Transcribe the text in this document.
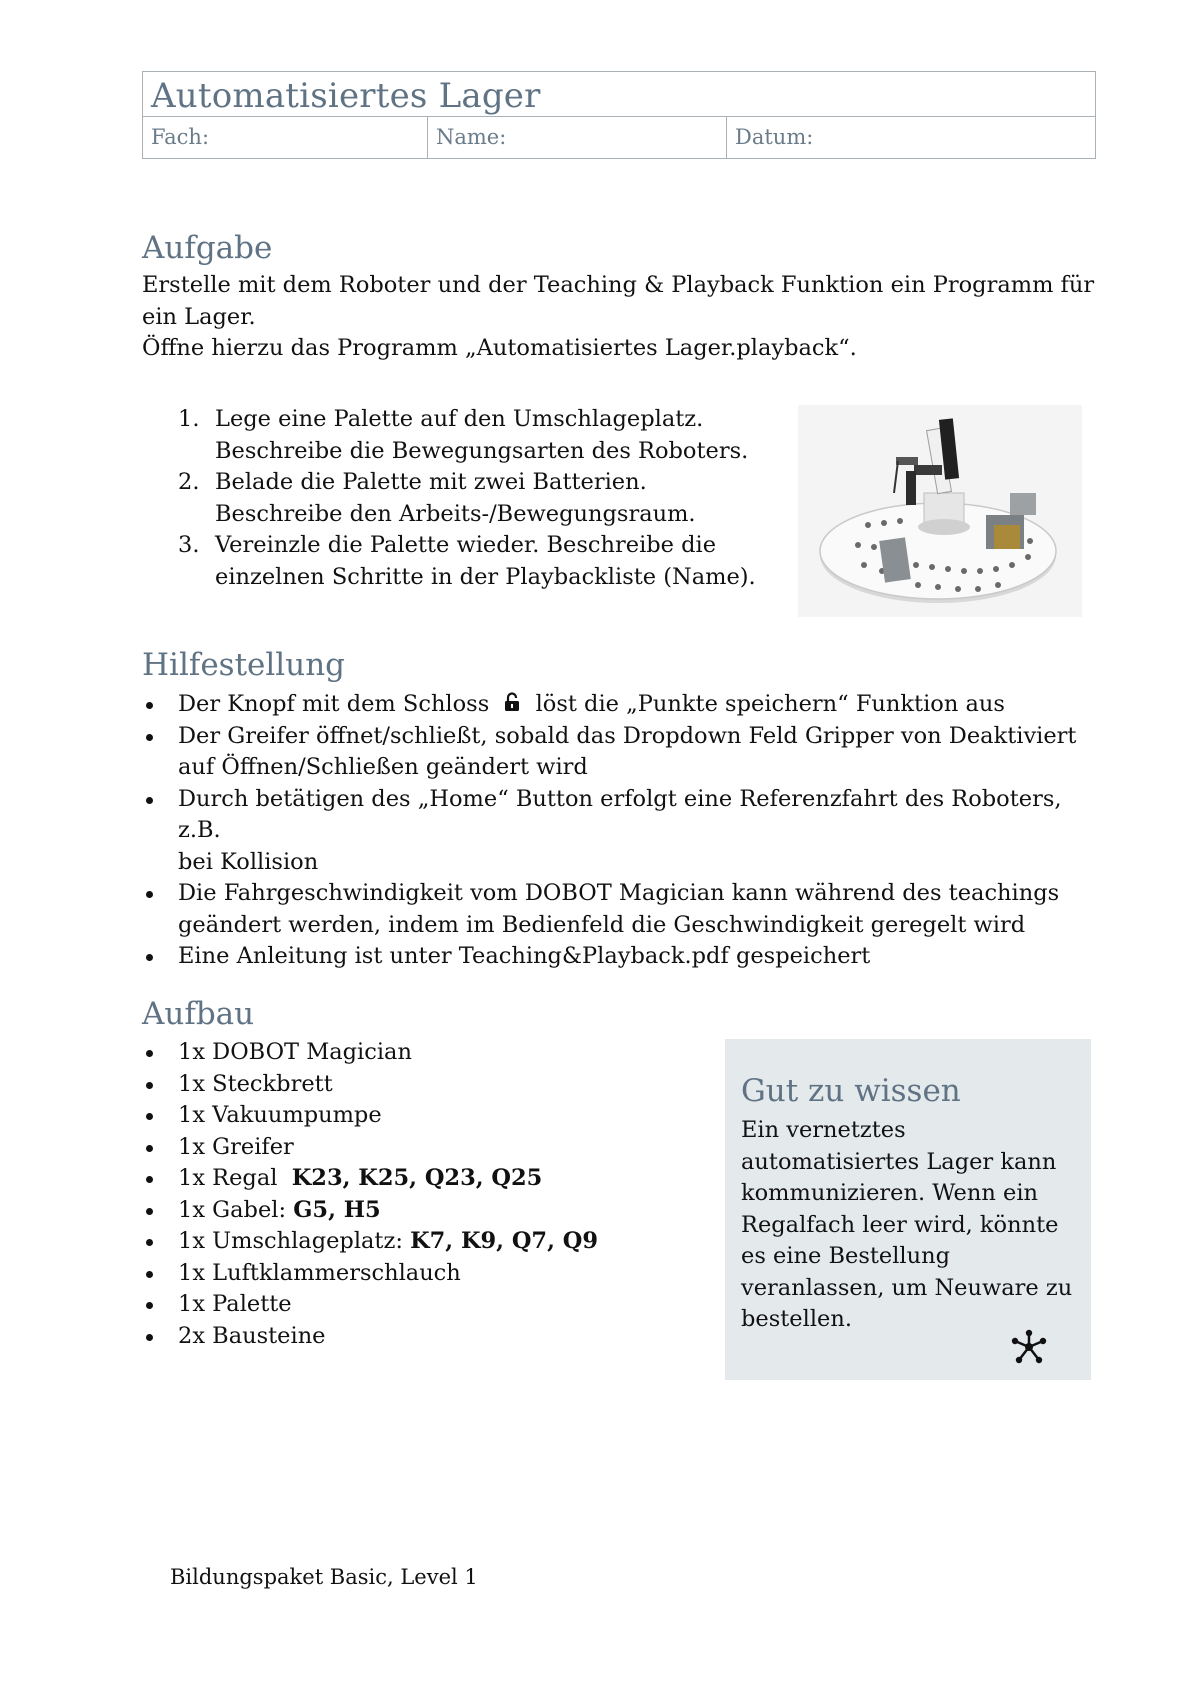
Automatisiertes Lager
Fach:	Name:	Datum:
Aufgabe
Erstelle mit dem Roboter und der Teaching & Playback Funktion ein Programm für
ein Lager.
Öffne hierzu das Programm „Automatisiertes Lager.playback“.
1. Lege eine Palette auf den Umschlageplatz.
Beschreibe die Bewegungsarten des Roboters.
2. Belade die Palette mit zwei Batterien.
Beschreibe den Arbeits-/Bewegungsraum.
3. Vereinzle die Palette wieder. Beschreibe die
einzelnen Schritte in der Playbackliste (Name).
Hilfestellung
Der Knopf mit dem Schloss löst die „Punkte speichern“ Funktion aus
Der Greifer öffnet/schließt, sobald das Dropdown Feld Gripper von Deaktiviert
auf Öffnen/Schließen geändert wird
Durch betätigen des „Home“ Button erfolgt eine Referenzfahrt des Roboters, z.B.
bei Kollision
Die Fahrgeschwindigkeit vom DOBOT Magician kann während des teachings
geändert werden, indem im Bedienfeld die Geschwindigkeit geregelt wird
Eine Anleitung ist unter Teaching&Playback.pdf gespeichert
Aufbau
1x DOBOT Magician
1x Steckbrett
1x Vakuumpumpe
1x Greifer
1x Regal K23, K25, Q23, Q25
1x Gabel: G5, H5
1x Umschlageplatz: K7, K9, Q7, Q9
1x Luftklammerschlauch
1x Palette
2x Bausteine
Gut zu wissen
Ein vernetztes
automatisiertes Lager kann
kommunizieren. Wenn ein
Regalfach leer wird, könnte
es eine Bestellung
veranlassen, um Neuware zu
bestellen.
Bildungspaket Basic, Level 1
